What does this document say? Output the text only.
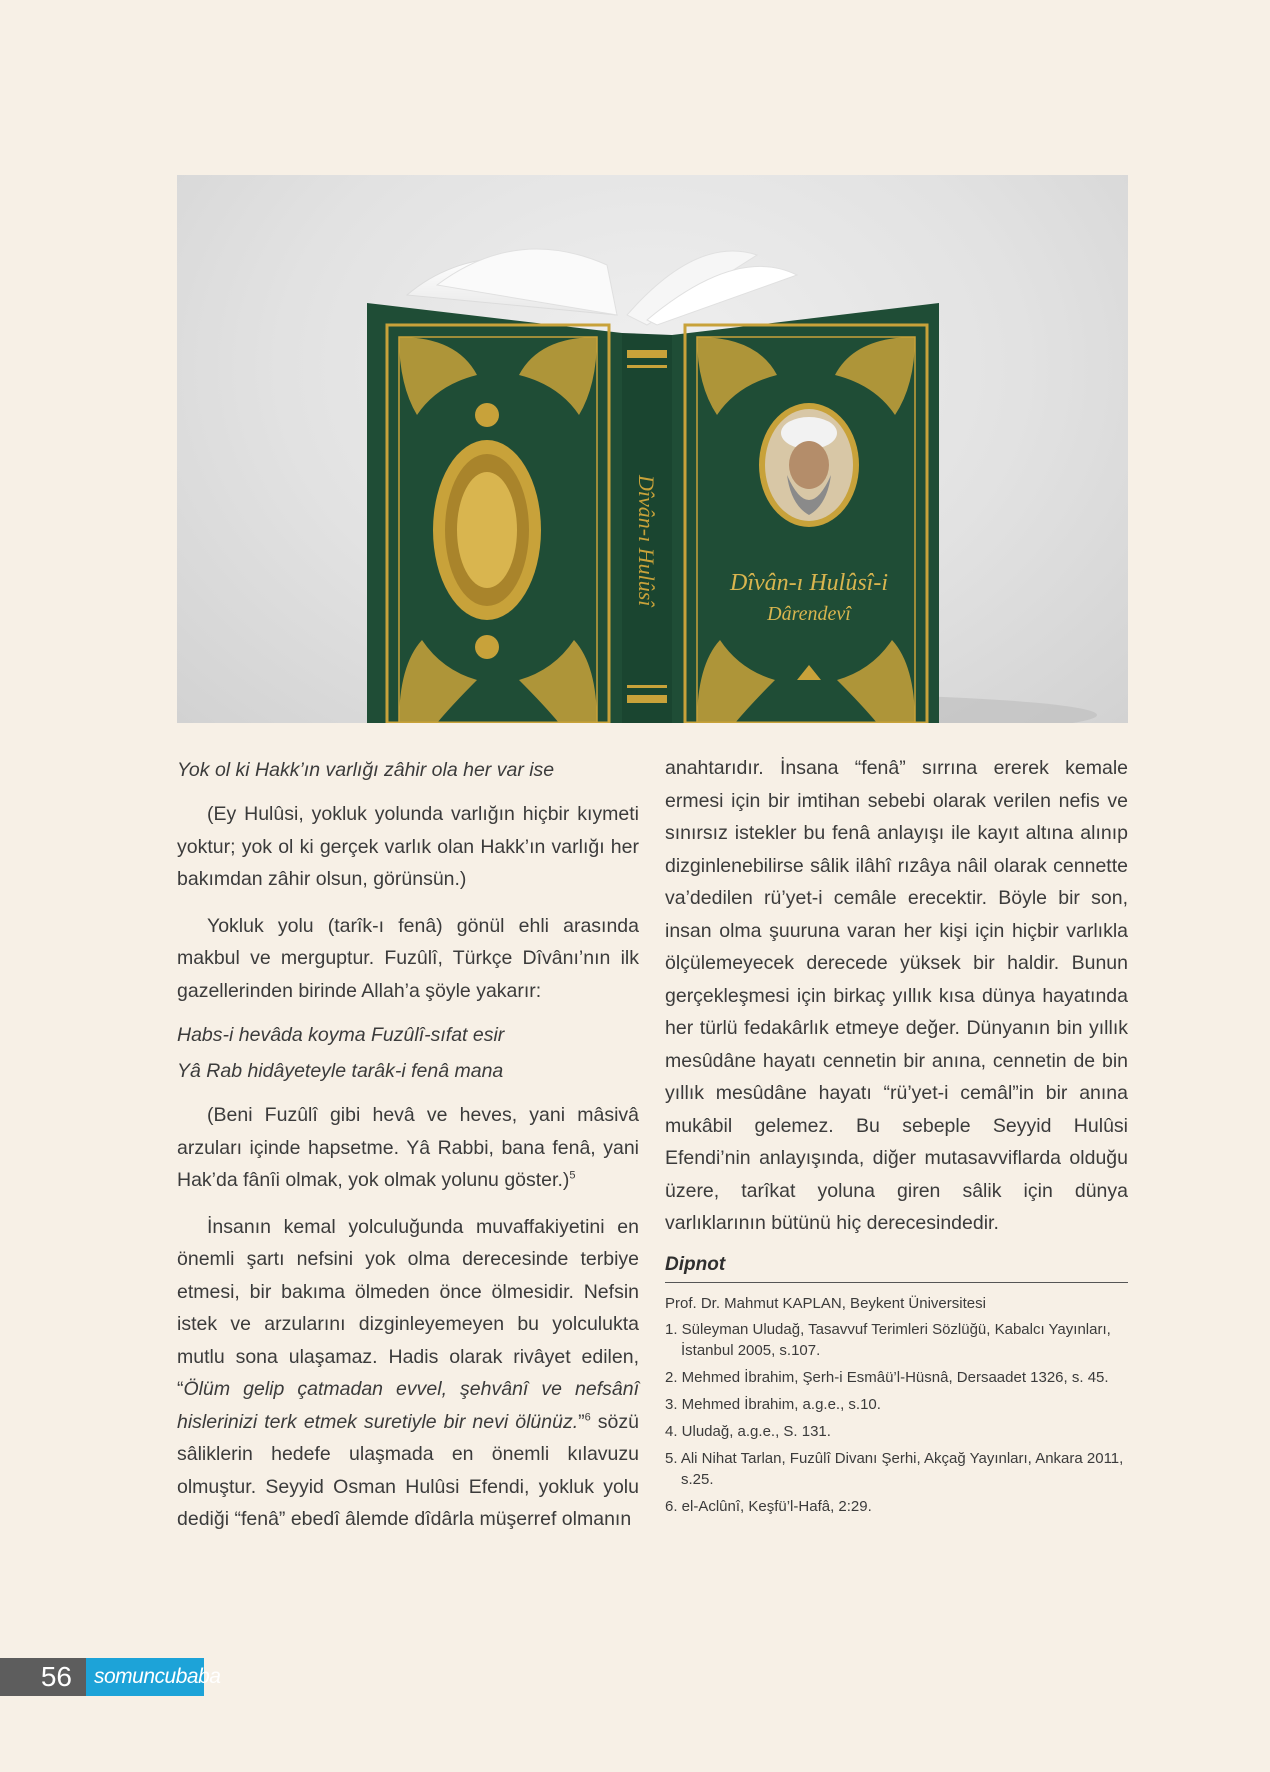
Dîvân-ı Hulûsî	Dîvân-ı Hulûsî-i
Dârendevî

Yok ol ki Hakk’ın varlığı zâhir ola her var ise

(Ey Hulûsi, yokluk yolunda varlığın hiçbir kıymeti yoktur; yok ol ki gerçek varlık olan Hakk’ın varlığı her bakımdan zâhir olsun, görünsün.)

Yokluk yolu (tarîk-ı fenâ) gönül ehli arasında makbul ve merguptur. Fuzûlî, Türkçe Dîvânı’nın ilk gazellerinden birinde Allah’a şöyle yakarır:

Habs-i hevâda koyma Fuzûlî-sıfat esir

Yâ Rab hidâyeteyle tarâk-i fenâ mana

(Beni Fuzûlî gibi hevâ ve heves, yani mâsivâ arzuları içinde hapsetme. Yâ Rabbi, bana fenâ, yani Hak’da fânîi olmak, yok olmak yolunu göster.)$^5$

İnsanın kemal yolculuğunda muvaffakiyetini en önemli şartı nefsini yok olma derecesinde terbiye etmesi, bir bakıma ölmeden önce ölmesidir. Nefsin istek ve arzularını dizginleyemeyen bu yolculukta mutlu sona ulaşamaz. Hadis olarak rivâyet edilen, “Ölüm gelip çatmadan evvel, şehvânî ve nefsânî hislerinizi terk etmek suretiyle bir nevi ölünüz.”$^6$ sözü sâliklerin hedefe ulaşmada en önemli kılavuzu olmuştur. Seyyid Osman Hulûsi Efendi, yokluk yolu dediği “fenâ” ebedî âlemde dîdârla müşerref olmanın

anahtarıdır. İnsana “fenâ” sırrına ererek kemale ermesi için bir imtihan sebebi olarak verilen nefis ve sınırsız istekler bu fenâ anlayışı ile kayıt altına alınıp dizginlenebilirse sâlik ilâhî rızâya nâil olarak cennette va’dedilen rü’yet-i cemâle erecektir. Böyle bir son, insan olma şuuruna varan her kişi için hiçbir varlıkla ölçülemeyecek derecede yüksek bir haldir. Bunun gerçekleşmesi için birkaç yıllık kısa dünya hayatında her türlü fedakârlık etmeye değer. Dünyanın bin yıllık mesûdâne hayatı cennetin bir anına, cennetin de bin yıllık mesûdâne hayatı “rü’yet-i cemâl”in bir anına mukâbil gelemez. Bu sebeple Seyyid Hulûsi Efendi’nin anlayışında, diğer mutasavviflarda olduğu üzere, tarîkat yoluna giren sâlik için dünya varlıklarının bütünü hiç derecesindedir.

Dipnot
Prof. Dr. Mahmut KAPLAN, Beykent Üniversitesi
1. Süleyman Uludağ, Tasavvuf Terimleri Sözlüğü, Kabalcı Yayınları, İstanbul 2005, s.107.
2. Mehmed İbrahim, Şerh-i Esmâü’l-Hüsnâ, Dersaadet 1326, s. 45.
3. Mehmed İbrahim, a.g.e., s.10.
4. Uludağ, a.g.e., S. 131.
5. Ali Nihat Tarlan, Fuzûlî Divanı Şerhi, Akçağ Yayınları, Ankara 2011, s.25.
6. el-Aclûnî, Keşfü’l-Hafâ, 2:29.
56	somuncubaba
